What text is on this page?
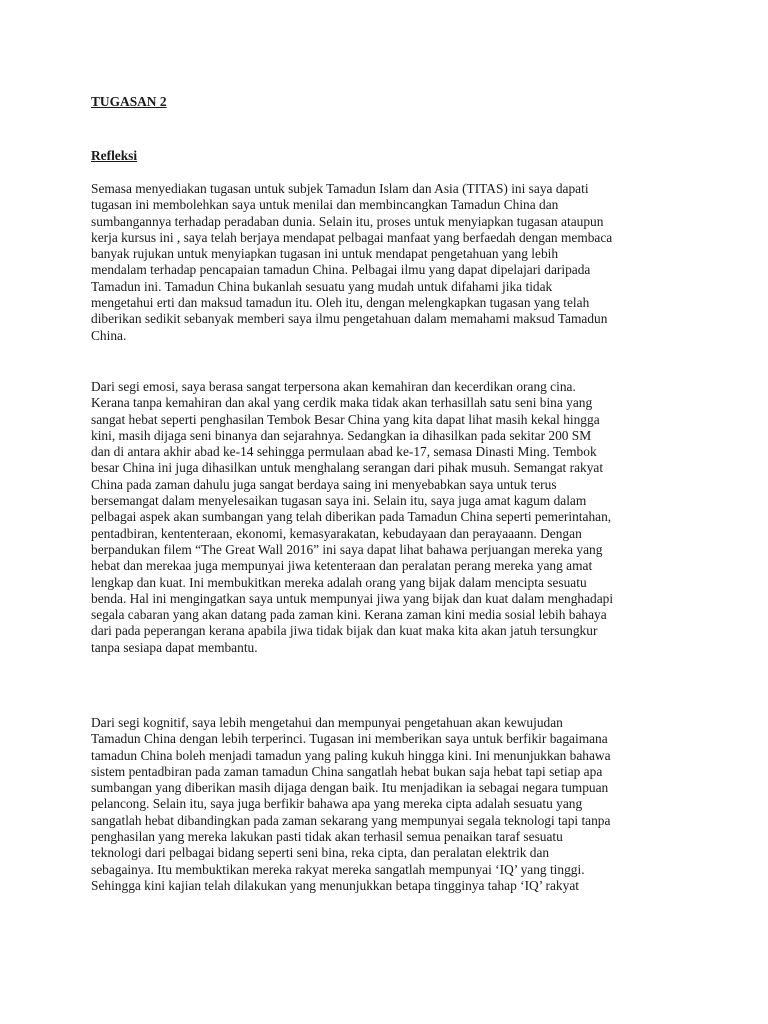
TUGASAN 2
Refleksi
Semasa menyediakan tugasan untuk subjek Tamadun Islam dan Asia (TITAS) ini saya dapati
tugasan ini membolehkan saya untuk menilai dan membincangkan Tamadun China dan
sumbangannya terhadap peradaban dunia. Selain itu, proses untuk menyiapkan tugasan ataupun
kerja kursus ini , saya telah berjaya mendapat pelbagai manfaat yang berfaedah dengan membaca
banyak rujukan untuk menyiapkan tugasan ini untuk mendapat pengetahuan yang lebih
mendalam terhadap pencapaian tamadun China. Pelbagai ilmu yang dapat dipelajari daripada
Tamadun ini. Tamadun China bukanlah sesuatu yang mudah untuk difahami jika tidak
mengetahui erti dan maksud tamadun itu. Oleh itu, dengan melengkapkan tugasan yang telah
diberikan sedikit sebanyak memberi saya ilmu pengetahuan dalam memahami maksud Tamadun
China.
Dari segi emosi, saya berasa sangat terpersona akan kemahiran dan kecerdikan orang cina.
Kerana tanpa kemahiran dan akal yang cerdik maka tidak akan terhasillah satu seni bina yang
sangat hebat seperti penghasilan Tembok Besar China yang kita dapat lihat masih kekal hingga
kini, masih dijaga seni binanya dan sejarahnya. Sedangkan ia dihasilkan pada sekitar 200 SM
dan di antara akhir abad ke-14 sehingga permulaan abad ke-17, semasa Dinasti Ming. Tembok
besar China ini juga dihasilkan untuk menghalang serangan dari pihak musuh. Semangat rakyat
China pada zaman dahulu juga sangat berdaya saing ini menyebabkan saya untuk terus
bersemangat dalam menyelesaikan tugasan saya ini. Selain itu, saya juga amat kagum dalam
pelbagai aspek akan sumbangan yang telah diberikan pada Tamadun China seperti pemerintahan,
pentadbiran, kententeraan, ekonomi, kemasyarakatan, kebudayaan dan perayaaann. Dengan
berpandukan filem “The Great Wall 2016” ini saya dapat lihat bahawa perjuangan mereka yang
hebat dan merekaa juga mempunyai jiwa ketenteraan dan peralatan perang mereka yang amat
lengkap dan kuat. Ini membukitkan mereka adalah orang yang bijak dalam mencipta sesuatu
benda. Hal ini mengingatkan saya untuk mempunyai jiwa yang bijak dan kuat dalam menghadapi
segala cabaran yang akan datang pada zaman kini. Kerana zaman kini media sosial lebih bahaya
dari pada peperangan kerana apabila jiwa tidak bijak dan kuat maka kita akan jatuh tersungkur
tanpa sesiapa dapat membantu.
Dari segi kognitif, saya lebih mengetahui dan mempunyai pengetahuan akan kewujudan
Tamadun China dengan lebih terperinci. Tugasan ini memberikan saya untuk berfikir bagaimana
tamadun China boleh menjadi tamadun yang paling kukuh hingga kini. Ini menunjukkan bahawa
sistem pentadbiran pada zaman tamadun China sangatlah hebat bukan saja hebat tapi setiap apa
sumbangan yang diberikan masih dijaga dengan baik. Itu menjadikan ia sebagai negara tumpuan
pelancong. Selain itu, saya juga berfikir bahawa apa yang mereka cipta adalah sesuatu yang
sangatlah hebat dibandingkan pada zaman sekarang yang mempunyai segala teknologi tapi tanpa
penghasilan yang mereka lakukan pasti tidak akan terhasil semua penaikan taraf sesuatu
teknologi dari pelbagai bidang seperti seni bina, reka cipta, dan peralatan elektrik dan
sebagainya. Itu membuktikan mereka rakyat mereka sangatlah mempunyai ‘IQ’ yang tinggi.
Sehingga kini kajian telah dilakukan yang menunjukkan betapa tingginya tahap ‘IQ’ rakyat
